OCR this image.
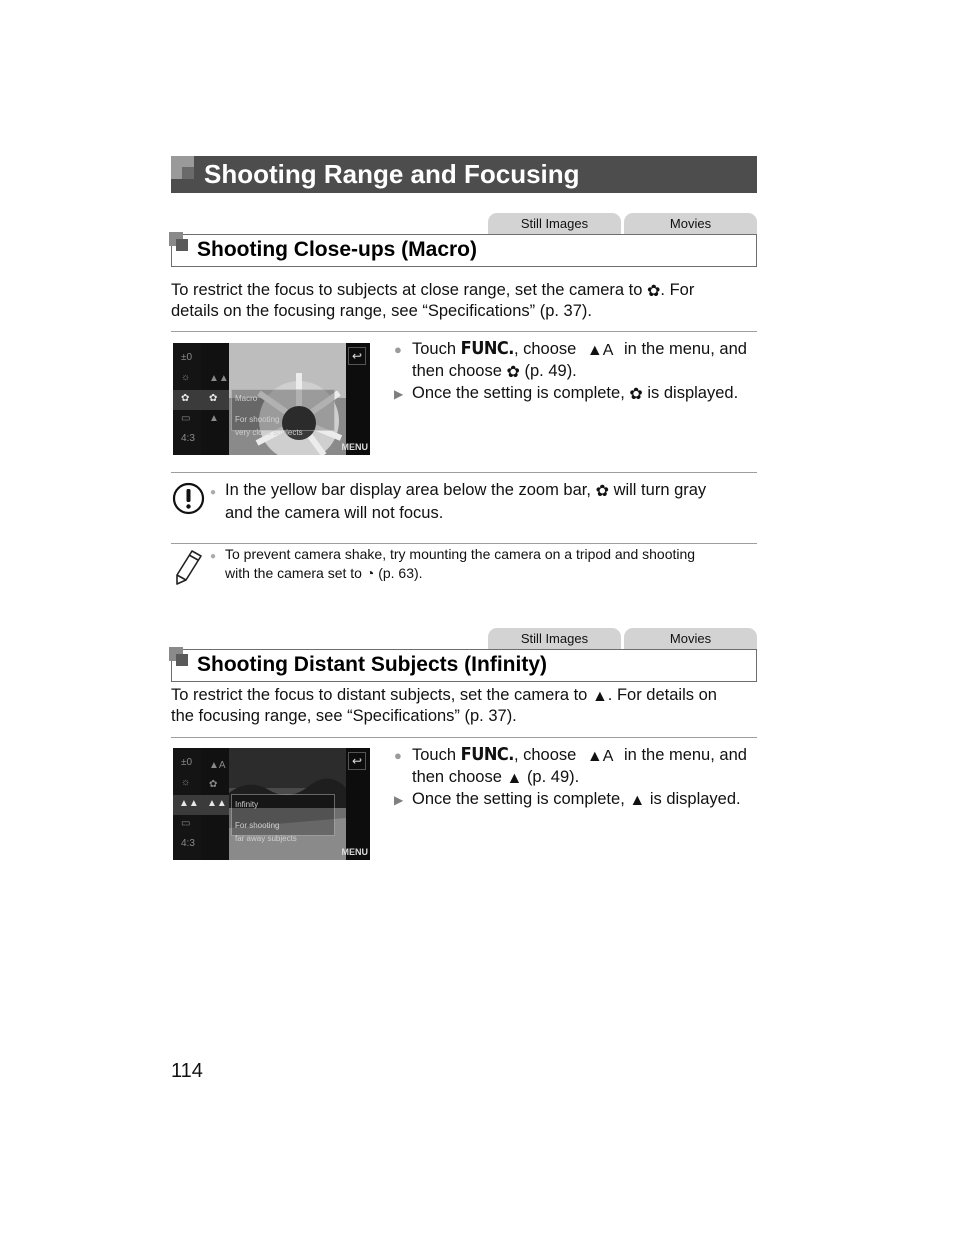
Shooting Range and Focusing
Still Images	Movies
Shooting Close-ups (Macro)
To restrict the focus to subjects at close range, set the camera to ✿. For
details on the focusing range, see “Specifications” (p. 37).
±0
☼
✿
▭
4:3
▲▲
✿
▲
Macro
For shooting
very close subjects
↩
MENU
● Touch FUNC., choose ▲A in the menu, and
then choose ✿ (p. 49).
▶ Once the setting is complete, ✿ is displayed.
● In the yellow bar display area below the zoom bar, ✿ will turn gray
and the camera will not focus.
● To prevent camera shake, try mounting the camera on a tripod and shooting
with the camera set to ◔ (p. 63).
Still Images	Movies
Shooting Distant Subjects (Infinity)
To restrict the focus to distant subjects, set the camera to ▲. For details on
the focusing range, see “Specifications” (p. 37).
±0
☼
▲▲
▭
4:3
▲A
✿
▲▲ Infinity
For shooting
far away subjects
↩
MENU
● Touch FUNC., choose ▲A in the menu, and
then choose ▲ (p. 49).
▶ Once the setting is complete, ▲ is displayed.
114
